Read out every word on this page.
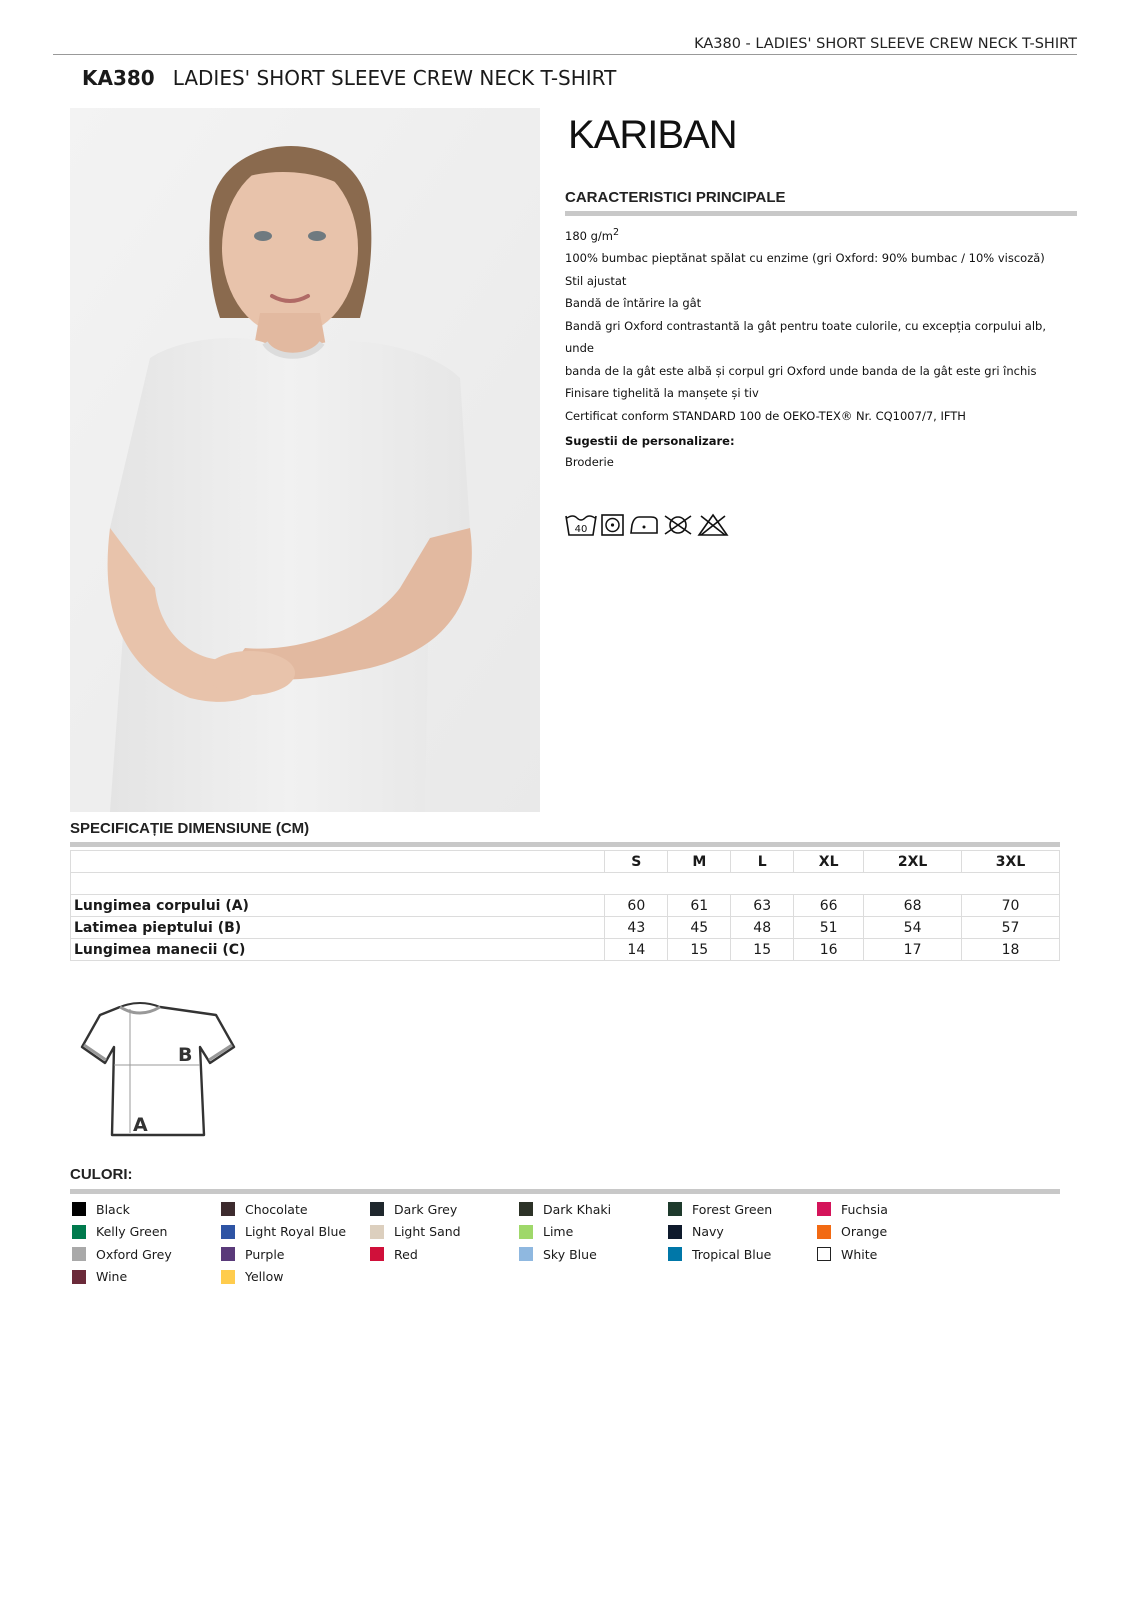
KA380 - LADIES' SHORT SLEEVE CREW NECK T-SHIRT
KA380 LADIES' SHORT SLEEVE CREW NECK T-SHIRT
KARIBAN
CARACTERISTICI PRINCIPALE
180 $g/m^2$
100% bumbac pieptănat spălat cu enzime (gri Oxford: 90% bumbac / 10% viscoză)
Stil ajustat
Bandă de întărire la gât
Bandă gri Oxford contrastantă la gât pentru toate culorile, cu excepția corpului alb, unde
banda de la gât este albă și corpul gri Oxford unde banda de la gât este gri închis
Finisare tighelită la manșete și tiv
Certificat conform STANDARD 100 de OEKO-TEX® Nr. CQ1007/7, IFTH
Sugestii de personalizare:
Broderie
40
SPECIFICAȚIE DIMENSIUNE (CM)
	S	M	L	XL	2XL	3XL

Lungimea corpului (A)	60	61	63	66	68	70
Latimea pieptului (B)	43	45	48	51	54	57
Lungimea manecii (C)	14	15	15	16	17	18
B
A
CULORI:
Black	Chocolate	Dark Grey	Dark Khaki	Forest Green	Fuchsia
Kelly Green	Light Royal Blue	Light Sand	Lime	Navy	Orange
Oxford Grey	Purple	Red	Sky Blue	Tropical Blue	White
Wine	Yellow
